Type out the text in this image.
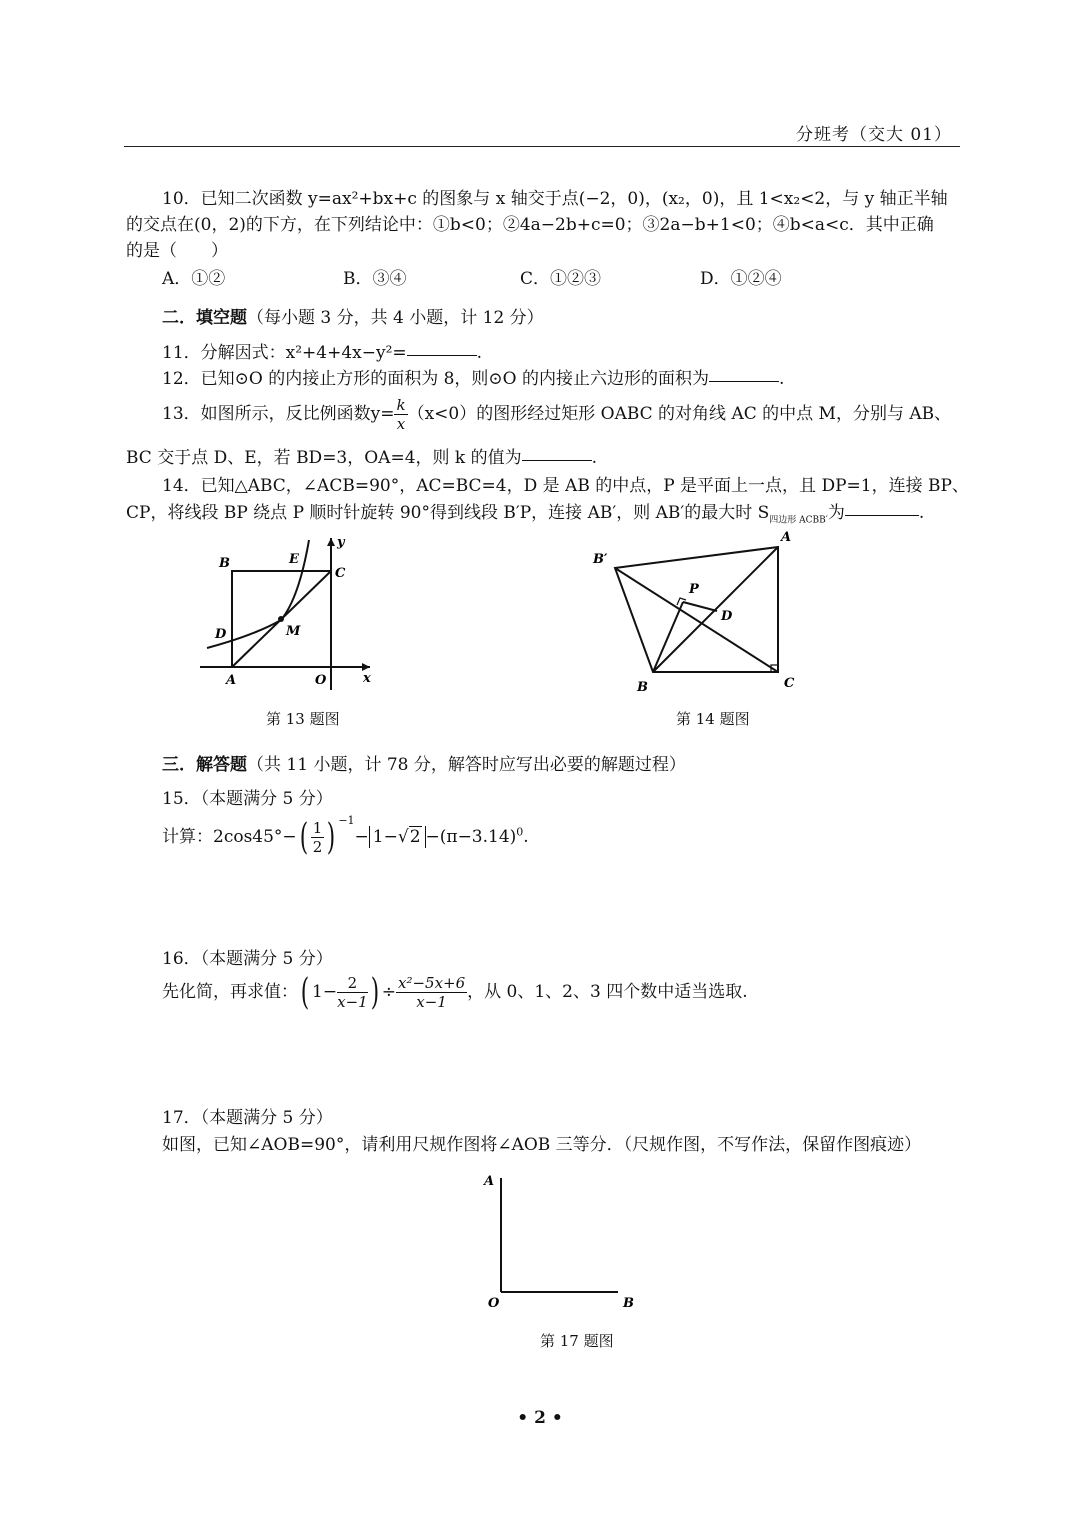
分班考（交大 01）
10．已知二次函数 y=ax²+bx+c 的图象与 x 轴交于点(−2，0)，(x₂，0)，且 1<x₂<2，与 y 轴正半轴
的交点在(0，2)的下方，在下列结论中：①b<0；②4a−2b+c=0；③2a−b+1<0；④b<a<c．其中正确
的是（　　）
A．①②	B．③④	C．①②③	D．①②④
二．填空题（每小题 3 分，共 4 小题，计 12 分）
11．分解因式：x²+4+4x−y²=	.
12．已知⊙O 的内接止方形的面积为 8，则⊙O 的内接止六边形的面积为	.
13．如图所示，反比例函数$y= \frac{k}{x} (x<0)$的图形经过矩形 OABC 的对角线 AC 的中点 M，分别与 AB、
BC 交于点 D、E，若 BD=3，OA=4，则 k 的值为	.
14．已知△ABC，∠ACB=90°，AC=BC=4，D 是 AB 的中点，P 是平面上一点，且 DP=1，连接 BP、
CP，将线段 BP 绕点 P 顺时针旋转 90°得到线段 B′P，连接 AB′，则 AB′的最大时 $S_{四边形 ACBB'}$为	.
B	E
y
C
D	M
A	O	x
第 13 题图
B′
A
P
D
B	C
第 14 题图
三．解答题（共 11 小题，计 78 分，解答时应写出必要的解题过程）
15．（本题满分 5 分）
计算：$2\cos 45^\circ-( \frac{1}{2}$ ) $^{-1}- 1-√2 -(\pi-3.14)^0$.
16．（本题满分 5 分）
先化简，再求值：( $1- \frac{2}{x-1}$ ) ÷ $\frac{\text{x²−5x+6}}{x-1}$ ，从 0、1、2、3 四个数中适当选取.
17．（本题满分 5 分）
如图，已知∠AOB=90°，请利用尺规作图将∠AOB 三等分．（尺规作图，不写作法，保留作图痕迹）
A
O	B
第 17 题图
• 2 •
